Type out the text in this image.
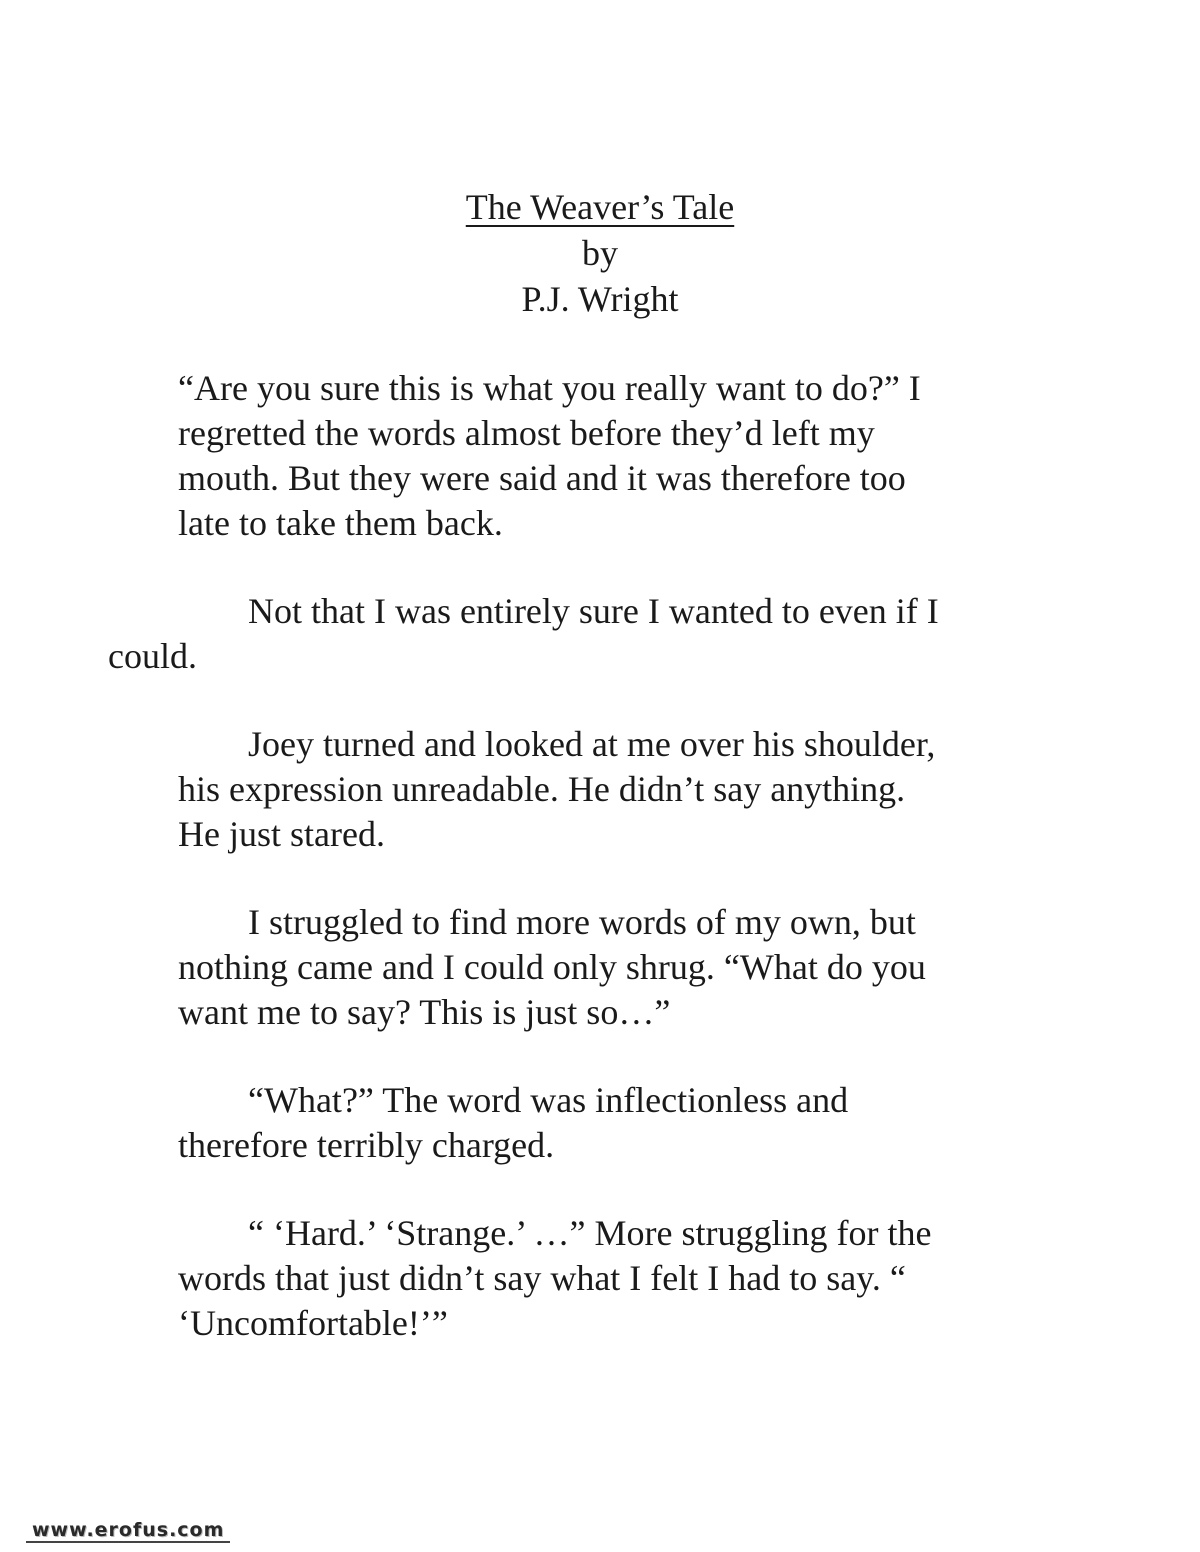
The Weaver’s Tale
by
P.J. Wright

“Are you sure this is what you really want to do?” I
regretted the words almost before they’d left my
mouth. But they were said and it was therefore too
late to take them back.

Not that I was entirely sure I wanted to even if I
could.

Joey turned and looked at me over his shoulder,
his expression unreadable. He didn’t say anything.
He just stared.

I struggled to find more words of my own, but
nothing came and I could only shrug. “What do you
want me to say? This is just so…”

“What?” The word was inflectionless and
therefore terribly charged.

“ ‘Hard.’ ‘Strange.’ …” More struggling for the
words that just didn’t say what I felt I had to say. “
‘Uncomfortable!’”

www.erofus.com
